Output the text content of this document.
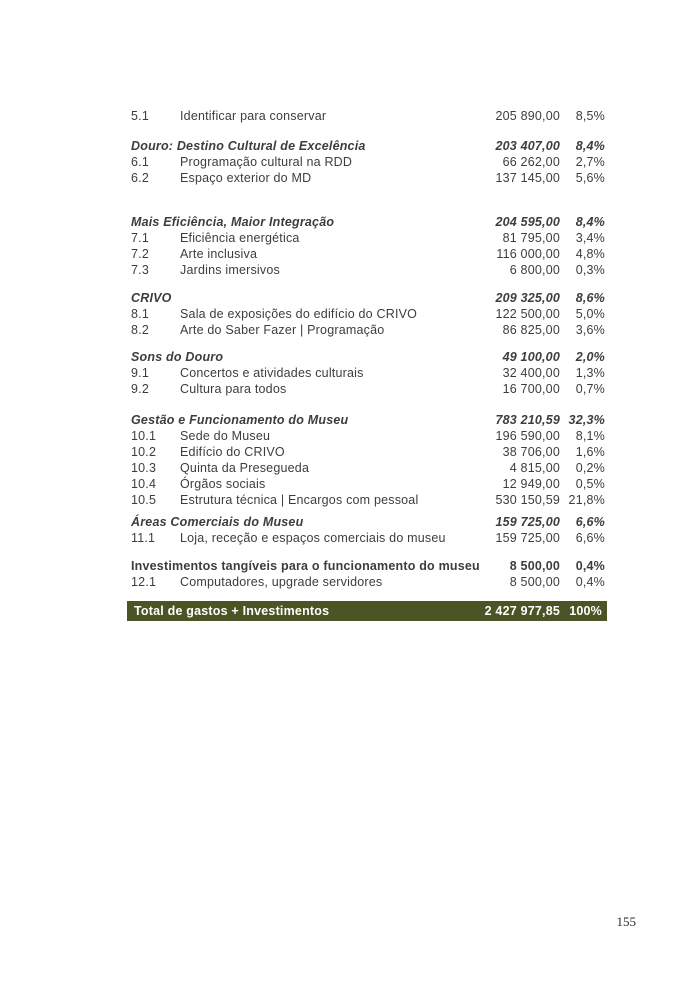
5.1	Identificar para conservar	205 890,00	8,5%
Douro: Destino Cultural de Excelência	203 407,00	8,4%
6.1	Programação cultural na RDD	66 262,00	2,7%
6.2	Espaço exterior do MD	137 145,00	5,6%
Mais Eficiência, Maior Integração	204 595,00	8,4%
7.1	Eficiência energética	81 795,00	3,4%
7.2	Arte inclusiva	116 000,00	4,8%
7.3	Jardins imersivos	6 800,00	0,3%
CRIVO	209 325,00	8,6%
8.1	Sala de exposições do edifício do CRIVO	122 500,00	5,0%
8.2	Arte do Saber Fazer | Programação	86 825,00	3,6%
Sons do Douro	49 100,00	2,0%
9.1	Concertos e atividades culturais	32 400,00	1,3%
9.2	Cultura para todos	16 700,00	0,7%
Gestão e Funcionamento do Museu	783 210,59 32,3%
10.1	Sede do Museu	196 590,00	8,1%
10.2	Edifício do CRIVO	38 706,00	1,6%
10.3	Quinta da Presegueda	4 815,00	0,2%
10.4	Órgãos sociais	12 949,00	0,5%
10.5	Estrutura técnica | Encargos com pessoal	530 150,59 21,8%
Áreas Comerciais do Museu	159 725,00	6,6%
11.1	Loja, receção e espaços comerciais do museu	159 725,00	6,6%
Investimentos tangíveis para o funcionamento do museu	8 500,00	0,4%
12.1	Computadores, upgrade servidores	8 500,00	0,4%
Total de gastos + Investimentos	2 427 977,85 100%
155
